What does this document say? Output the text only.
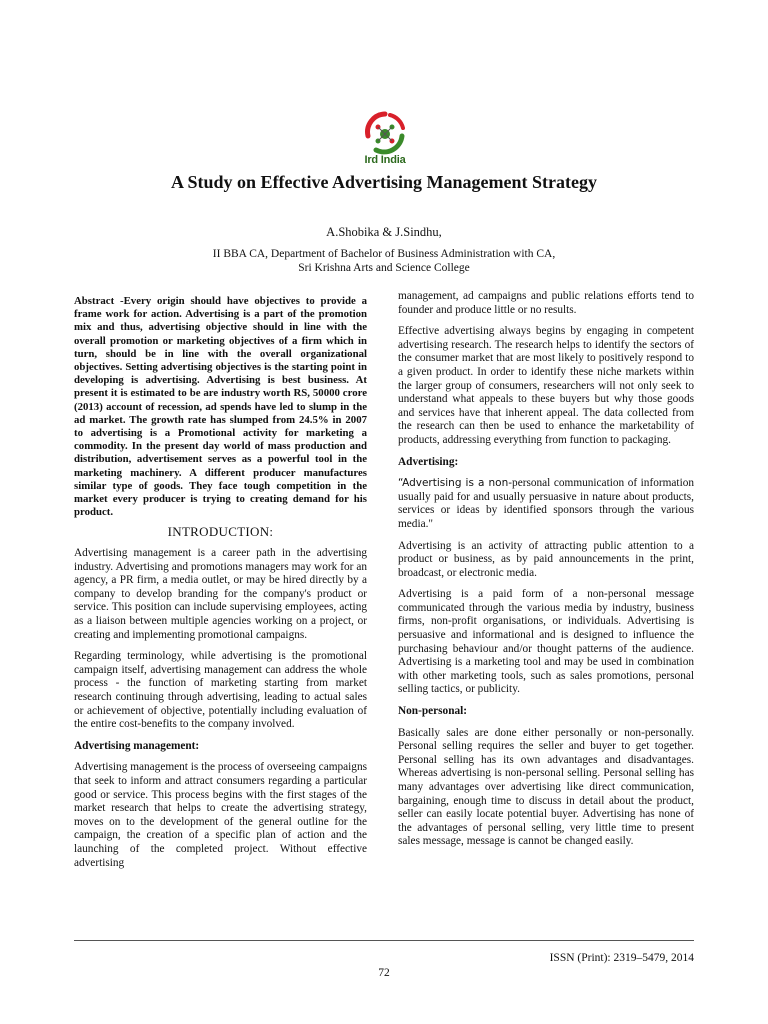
Ird India
A Study on Effective Advertising Management Strategy
A.Shobika & J.Sindhu,
II BBA CA, Department of Bachelor of Business Administration with CA,
Sri Krishna Arts and Science College

Abstract -Every origin should have objectives to provide a frame work for action. Advertising is a part of the promotion mix and thus, advertising objective should in line with the overall promotion or marketing objectives of a firm which in turn, should be in line with the overall organizational objectives. Setting advertising objectives is the starting point in developing is advertising. Advertising is best business. At present it is estimated to be are industry worth RS, 50000 crore (2013) account of recession, ad spends have led to slump in the ad market. The growth rate has slumped from 24.5% in 2007 to advertising is a Promotional activity for marketing a commodity. In the present day world of mass production and distribution, advertisement serves as a powerful tool in the marketing machinery. A different producer manufactures similar type of goods. They face tough competition in the market every producer is trying to creating demand for his product.

INTRODUCTION:

Advertising management is a career path in the advertising industry. Advertising and promotions managers may work for an agency, a PR firm, a media outlet, or may be hired directly by a company to develop branding for the company's product or service. This position can include supervising employees, acting as a liaison between multiple agencies working on a project, or creating and implementing promotional campaigns.

Regarding terminology, while advertising is the promotional campaign itself, advertising management can address the whole process - the function of marketing starting from market research continuing through advertising, leading to actual sales or achievement of objective, potentially including evaluation of the entire cost-benefits to the company involved.

Advertising management:

Advertising management is the process of overseeing campaigns that seek to inform and attract consumers regarding a particular good or service. This process begins with the first stages of the market research that helps to create the advertising strategy, moves on to the development of the general outline for the campaign, the creation of a specific plan of action and the launching of the completed project. Without effective advertising

management, ad campaigns and public relations efforts tend to founder and produce little or no results.

Effective advertising always begins by engaging in competent advertising research. The research helps to identify the sectors of the consumer market that are most likely to positively respond to a given product. In order to identify these niche markets within the larger group of consumers, researchers will not only seek to understand what appeals to these buyers but why those goods and services have that inherent appeal. The data collected from the research can then be used to enhance the marketability of products, addressing everything from function to packaging.

Advertising:

“Advertising is a non-personal communication of information usually paid for and usually persuasive in nature about products, services or ideas by identified sponsors through the various media."

Advertising is an activity of attracting public attention to a product or business, as by paid announcements in the print, broadcast, or electronic media.

Advertising is a paid form of a non-personal message communicated through the various media by industry, business firms, non-profit organisations, or individuals. Advertising is persuasive and informational and is designed to influence the purchasing behaviour and/or thought patterns of the audience. Advertising is a marketing tool and may be used in combination with other marketing tools, such as sales promotions, personal selling tactics, or publicity.

Non-personal:

Basically sales are done either personally or non-personally. Personal selling requires the seller and buyer to get together. Personal selling has its own advantages and disadvantages. Whereas advertising is non-personal selling. Personal selling has many advantages over advertising like direct communication, bargaining, enough time to discuss in detail about the product, seller can easily locate potential buyer. Advertising has none of the advantages of personal selling, very little time to present sales message, message is cannot be changed easily.

ISSN (Print): 2319–5479, 2014
72
